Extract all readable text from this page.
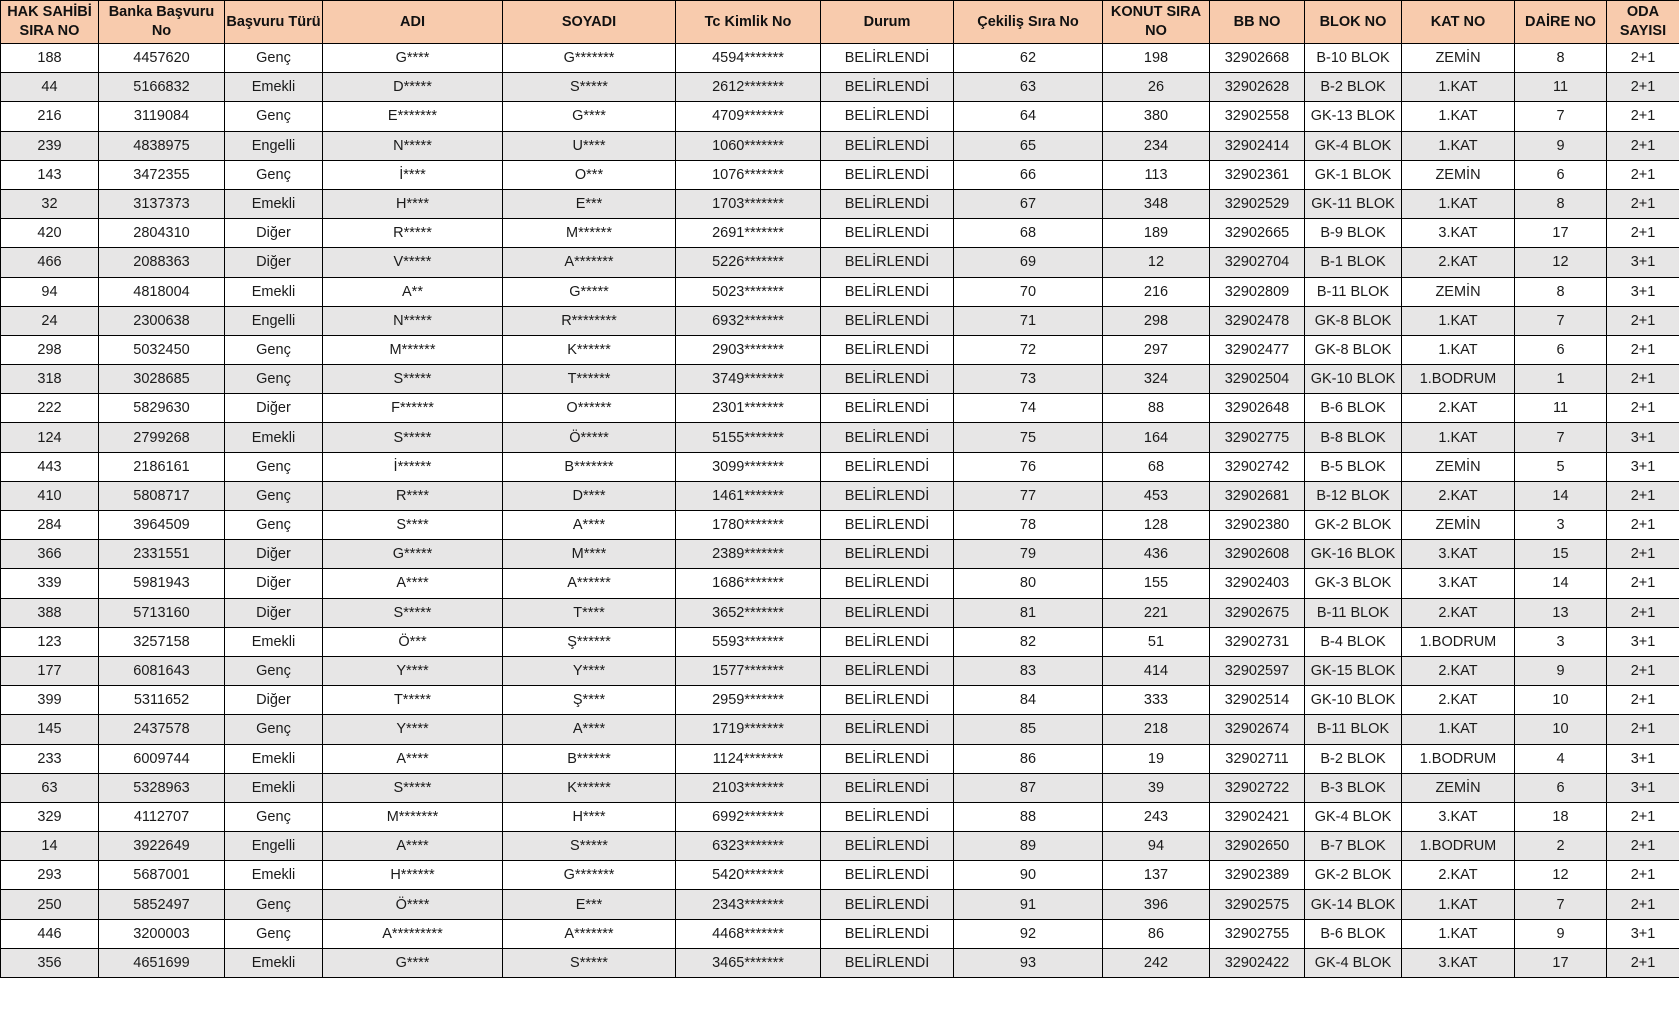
HAK SAHİBİ SIRA NO	Banka Başvuru No	Başvuru Türü	ADI	SOYADI	Tc Kimlik No	Durum	Çekiliş Sıra No	KONUT SIRA NO	BB NO	BLOK NO	KAT NO	DAİRE NO	ODA SAYISI
188	4457620	Genç	G****	G*******	4594*******	BELİRLENDİ	62	198	32902668	B-10 BLOK	ZEMİN	8	2+1
44	5166832	Emekli	D*****	S*****	2612*******	BELİRLENDİ	63	26	32902628	B-2 BLOK	1.KAT	11	2+1
216	3119084	Genç	E*******	G****	4709*******	BELİRLENDİ	64	380	32902558	GK-13 BLOK	1.KAT	7	2+1
239	4838975	Engelli	N*****	U****	1060*******	BELİRLENDİ	65	234	32902414	GK-4 BLOK	1.KAT	9	2+1
143	3472355	Genç	İ****	O***	1076*******	BELİRLENDİ	66	113	32902361	GK-1 BLOK	ZEMİN	6	2+1
32	3137373	Emekli	H****	E***	1703*******	BELİRLENDİ	67	348	32902529	GK-11 BLOK	1.KAT	8	2+1
420	2804310	Diğer	R*****	M******	2691*******	BELİRLENDİ	68	189	32902665	B-9 BLOK	3.KAT	17	2+1
466	2088363	Diğer	V*****	A*******	5226*******	BELİRLENDİ	69	12	32902704	B-1 BLOK	2.KAT	12	3+1
94	4818004	Emekli	A**	G*****	5023*******	BELİRLENDİ	70	216	32902809	B-11 BLOK	ZEMİN	8	3+1
24	2300638	Engelli	N*****	R********	6932*******	BELİRLENDİ	71	298	32902478	GK-8 BLOK	1.KAT	7	2+1
298	5032450	Genç	M******	K******	2903*******	BELİRLENDİ	72	297	32902477	GK-8 BLOK	1.KAT	6	2+1
318	3028685	Genç	S*****	T******	3749*******	BELİRLENDİ	73	324	32902504	GK-10 BLOK	1.BODRUM	1	2+1
222	5829630	Diğer	F******	O******	2301*******	BELİRLENDİ	74	88	32902648	B-6 BLOK	2.KAT	11	2+1
124	2799268	Emekli	S*****	Ö*****	5155*******	BELİRLENDİ	75	164	32902775	B-8 BLOK	1.KAT	7	3+1
443	2186161	Genç	İ******	B*******	3099*******	BELİRLENDİ	76	68	32902742	B-5 BLOK	ZEMİN	5	3+1
410	5808717	Genç	R****	D****	1461*******	BELİRLENDİ	77	453	32902681	B-12 BLOK	2.KAT	14	2+1
284	3964509	Genç	S****	A****	1780*******	BELİRLENDİ	78	128	32902380	GK-2 BLOK	ZEMİN	3	2+1
366	2331551	Diğer	G*****	M****	2389*******	BELİRLENDİ	79	436	32902608	GK-16 BLOK	3.KAT	15	2+1
339	5981943	Diğer	A****	A******	1686*******	BELİRLENDİ	80	155	32902403	GK-3 BLOK	3.KAT	14	2+1
388	5713160	Diğer	S*****	T****	3652*******	BELİRLENDİ	81	221	32902675	B-11 BLOK	2.KAT	13	2+1
123	3257158	Emekli	Ö***	Ş******	5593*******	BELİRLENDİ	82	51	32902731	B-4 BLOK	1.BODRUM	3	3+1
177	6081643	Genç	Y****	Y****	1577*******	BELİRLENDİ	83	414	32902597	GK-15 BLOK	2.KAT	9	2+1
399	5311652	Diğer	T*****	Ş****	2959*******	BELİRLENDİ	84	333	32902514	GK-10 BLOK	2.KAT	10	2+1
145	2437578	Genç	Y****	A****	1719*******	BELİRLENDİ	85	218	32902674	B-11 BLOK	1.KAT	10	2+1
233	6009744	Emekli	A****	B******	1124*******	BELİRLENDİ	86	19	32902711	B-2 BLOK	1.BODRUM	4	3+1
63	5328963	Emekli	S*****	K******	2103*******	BELİRLENDİ	87	39	32902722	B-3 BLOK	ZEMİN	6	3+1
329	4112707	Genç	M*******	H****	6992*******	BELİRLENDİ	88	243	32902421	GK-4 BLOK	3.KAT	18	2+1
14	3922649	Engelli	A****	S*****	6323*******	BELİRLENDİ	89	94	32902650	B-7 BLOK	1.BODRUM	2	2+1
293	5687001	Emekli	H******	G*******	5420*******	BELİRLENDİ	90	137	32902389	GK-2 BLOK	2.KAT	12	2+1
250	5852497	Genç	Ö****	E***	2343*******	BELİRLENDİ	91	396	32902575	GK-14 BLOK	1.KAT	7	2+1
446	3200003	Genç	A*********	A*******	4468*******	BELİRLENDİ	92	86	32902755	B-6 BLOK	1.KAT	9	3+1
356	4651699	Emekli	G****	S*****	3465*******	BELİRLENDİ	93	242	32902422	GK-4 BLOK	3.KAT	17	2+1
